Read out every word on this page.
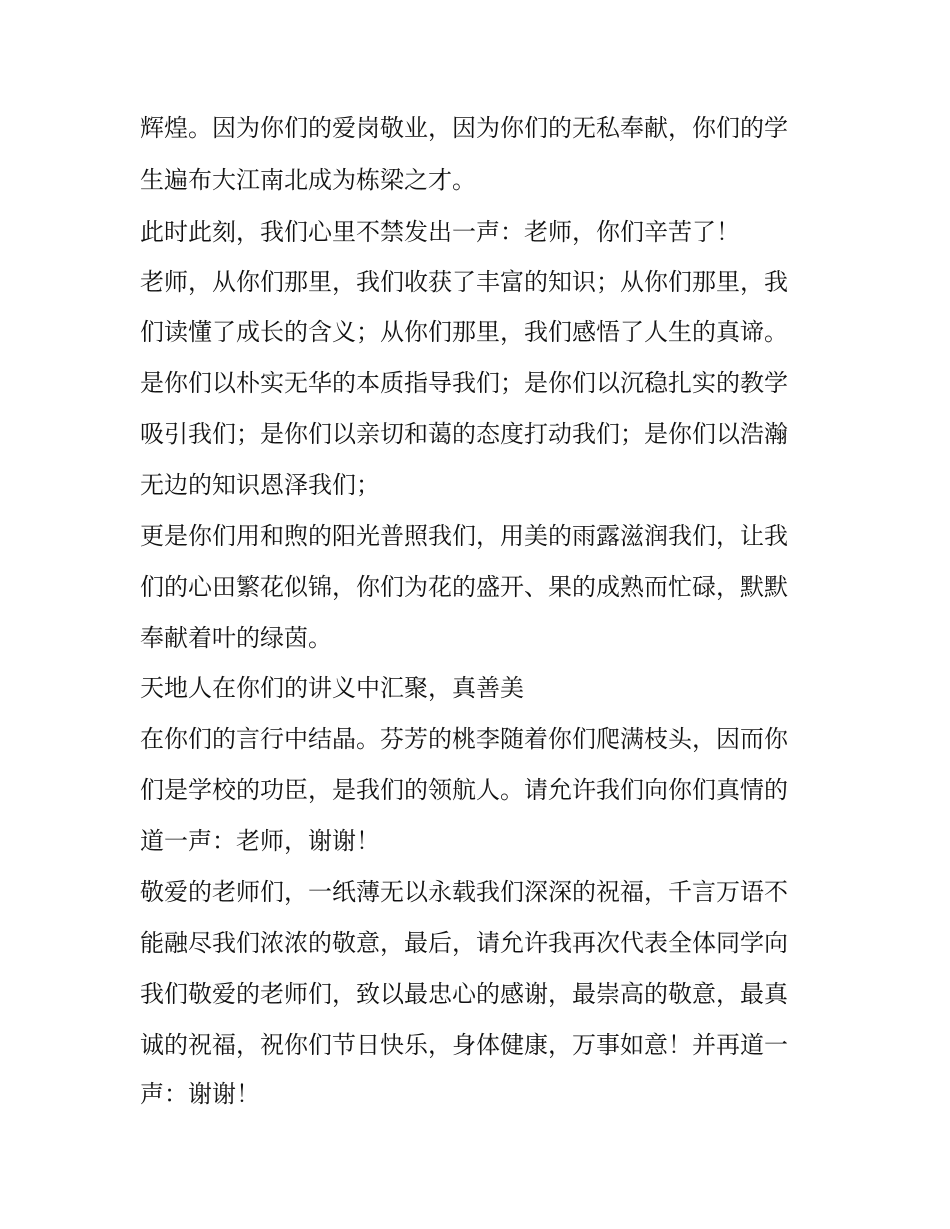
辉煌。因为你们的爱岗敬业，因为你们的无私奉献，你们的学
生遍布大江南北成为栋梁之才。
此时此刻，我们心里不禁发出一声：老师，你们辛苦了！
老师，从你们那里，我们收获了丰富的知识；从你们那里，我
们读懂了成长的含义；从你们那里，我们感悟了人生的真谛。
是你们以朴实无华的本质指导我们；是你们以沉稳扎实的教学
吸引我们；是你们以亲切和蔼的态度打动我们；是你们以浩瀚
无边的知识恩泽我们；
更是你们用和煦的阳光普照我们，用美的雨露滋润我们，让我
们的心田繁花似锦，你们为花的盛开、果的成熟而忙碌，默默
奉献着叶的绿茵。
天地人在你们的讲义中汇聚，真善美
在你们的言行中结晶。芬芳的桃李随着你们爬满枝头，因而你
们是学校的功臣，是我们的领航人。请允许我们向你们真情的
道一声：老师，谢谢！
敬爱的老师们，一纸薄无以永载我们深深的祝福，千言万语不
能融尽我们浓浓的敬意，最后，请允许我再次代表全体同学向
我们敬爱的老师们，致以最忠心的感谢，最崇高的敬意，最真
诚的祝福，祝你们节日快乐，身体健康，万事如意！并再道一
声：谢谢！
